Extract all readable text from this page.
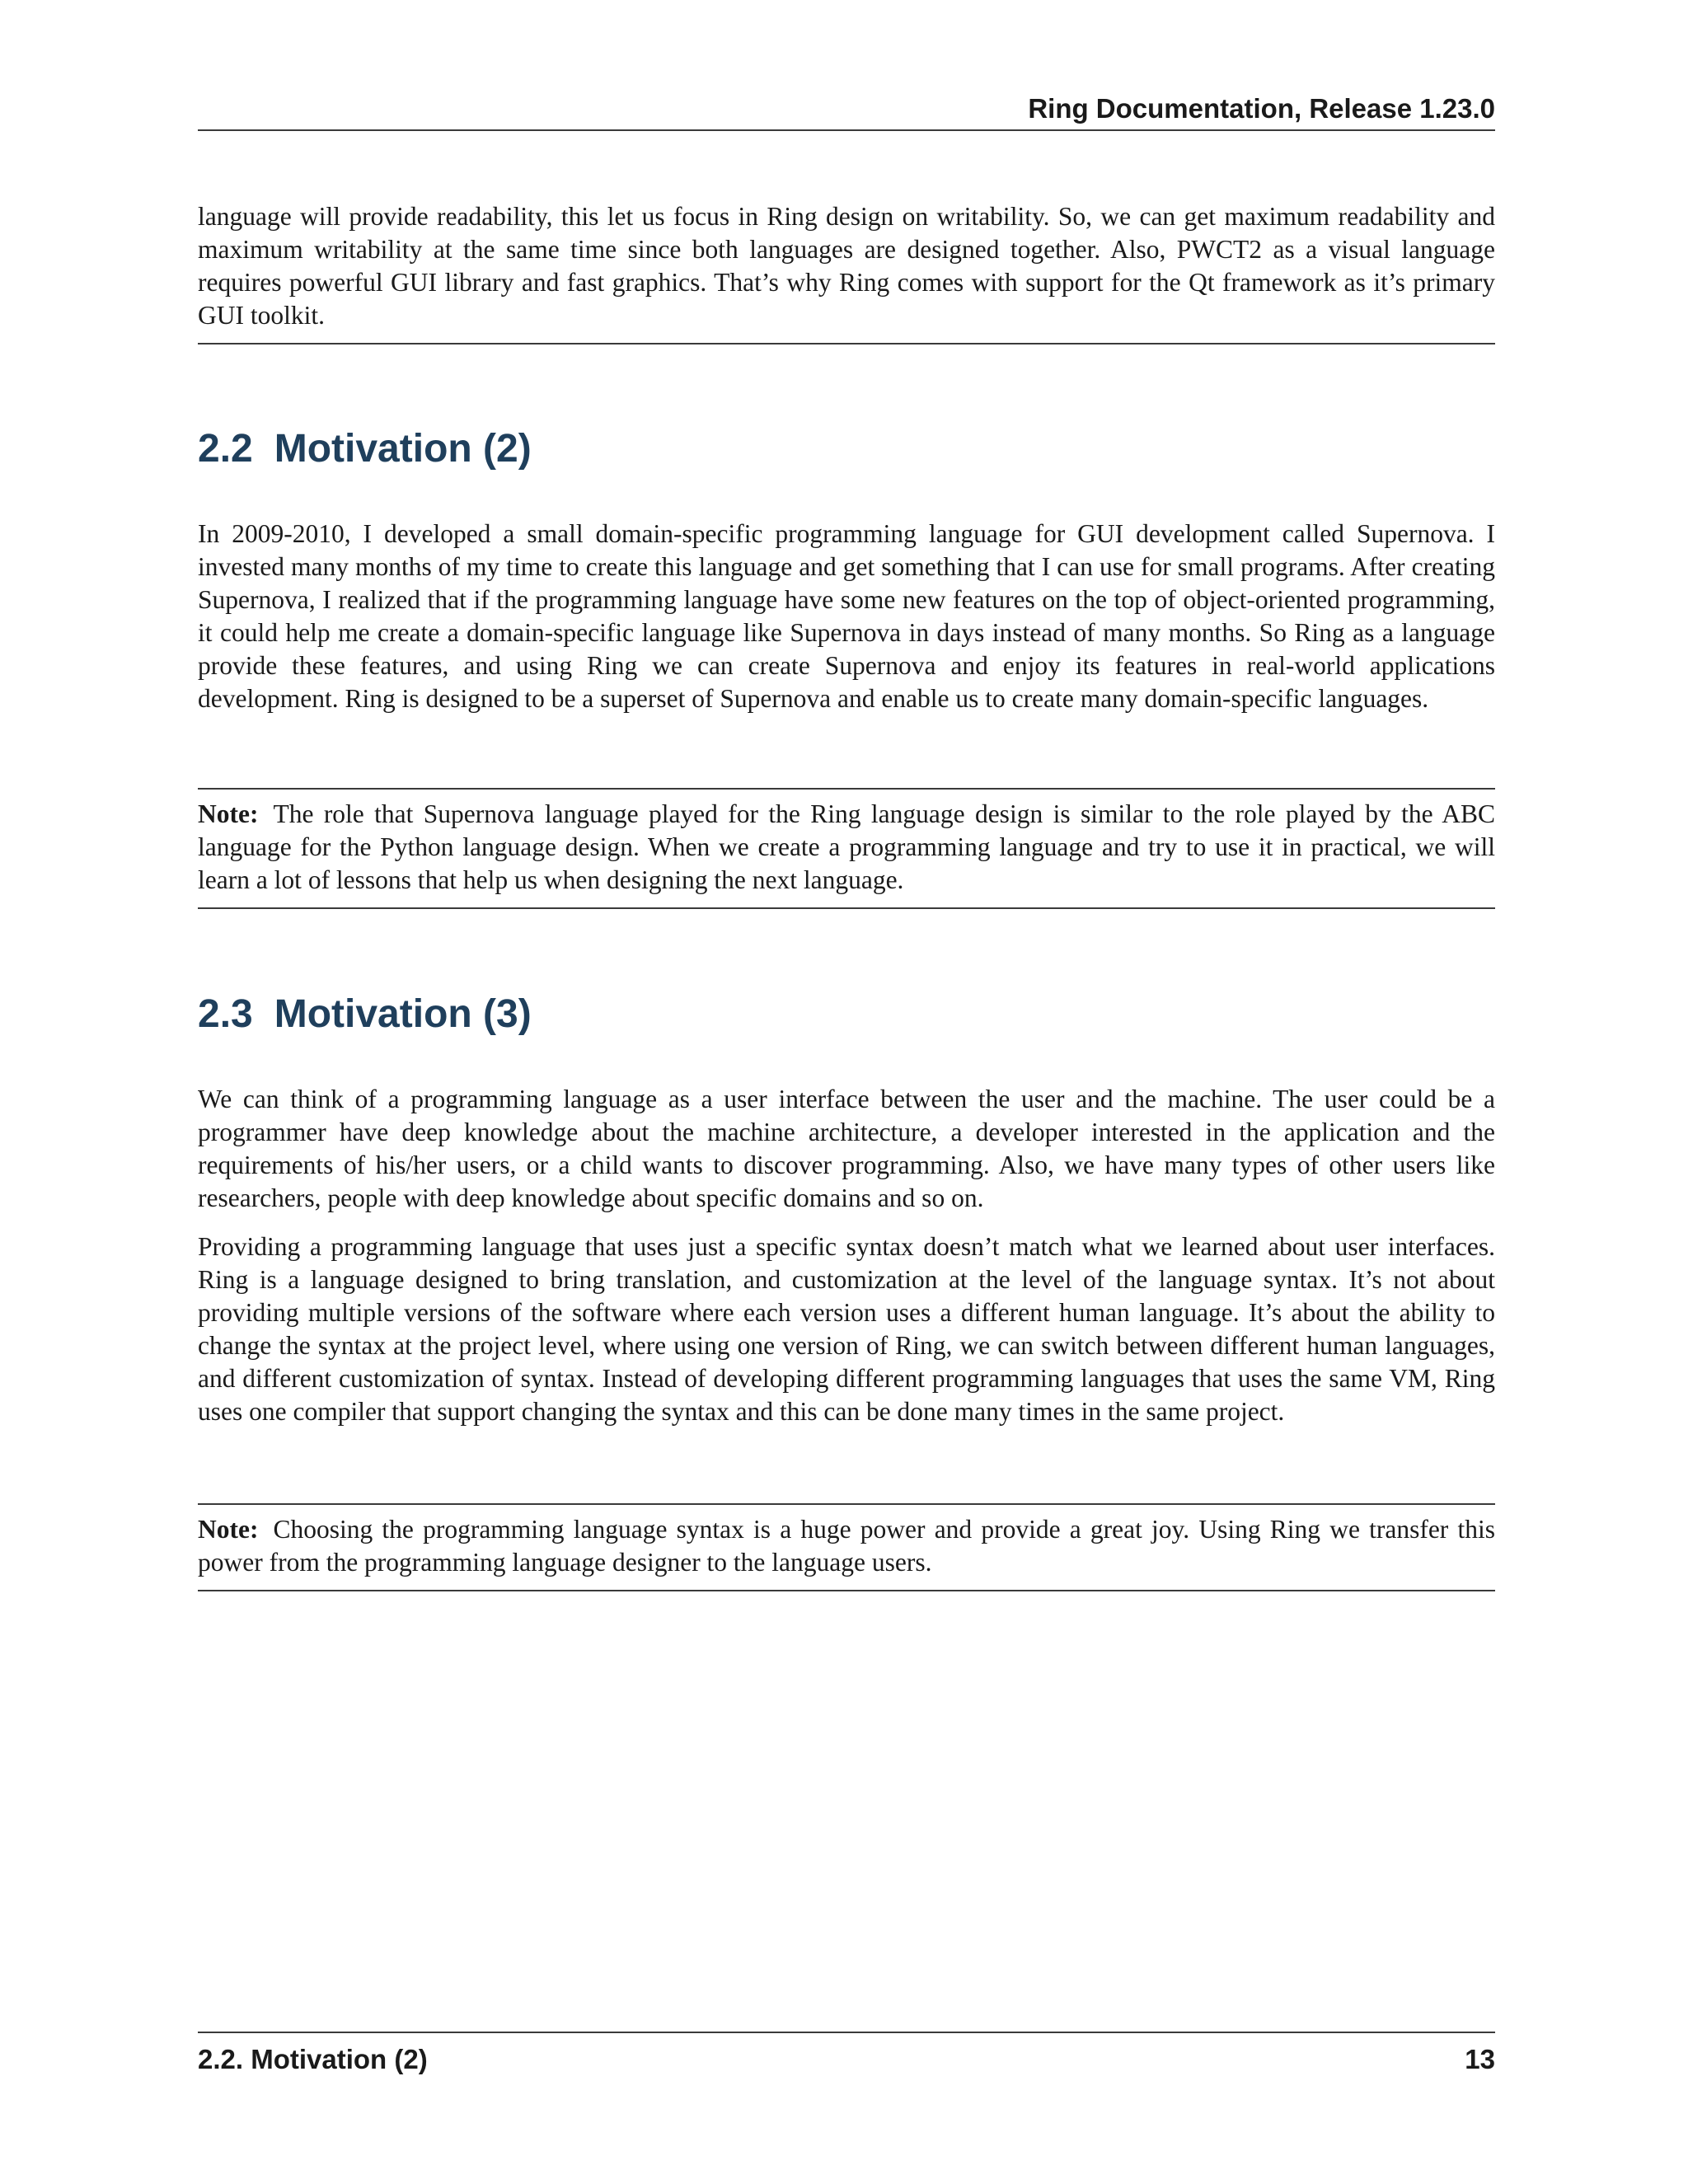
Ring Documentation, Release 1.23.0

language will provide readability, this let us focus in Ring design on writability. So, we can get maximum readability and maximum writability at the same time since both languages are designed together. Also, PWCT2 as a visual language requires powerful GUI library and fast graphics. That’s why Ring comes with support for the Qt framework as it’s primary GUI toolkit.

2.2 Motivation (2)

In 2009-2010, I developed a small domain-specific programming language for GUI development called Supernova. I invested many months of my time to create this language and get something that I can use for small programs. After creating Supernova, I realized that if the programming language have some new features on the top of object-oriented programming, it could help me create a domain-specific language like Supernova in days instead of many months. So Ring as a language provide these features, and using Ring we can create Supernova and enjoy its features in real-world applications development. Ring is designed to be a superset of Supernova and enable us to create many domain-specific languages.

Note: The role that Supernova language played for the Ring language design is similar to the role played by the ABC language for the Python language design. When we create a programming language and try to use it in practical, we will learn a lot of lessons that help us when designing the next language.

2.3 Motivation (3)

We can think of a programming language as a user interface between the user and the machine. The user could be a programmer have deep knowledge about the machine architecture, a developer interested in the application and the requirements of his/her users, or a child wants to discover programming. Also, we have many types of other users like researchers, people with deep knowledge about specific domains and so on.

Providing a programming language that uses just a specific syntax doesn’t match what we learned about user interfaces. Ring is a language designed to bring translation, and customization at the level of the language syntax. It’s not about providing multiple versions of the software where each version uses a different human language. It’s about the ability to change the syntax at the project level, where using one version of Ring, we can switch between different human languages, and different customization of syntax. Instead of developing different programming languages that uses the same VM, Ring uses one compiler that support changing the syntax and this can be done many times in the same project.

Note: Choosing the programming language syntax is a huge power and provide a great joy. Using Ring we transfer this power from the programming language designer to the language users.

2.2. Motivation (2)	13
